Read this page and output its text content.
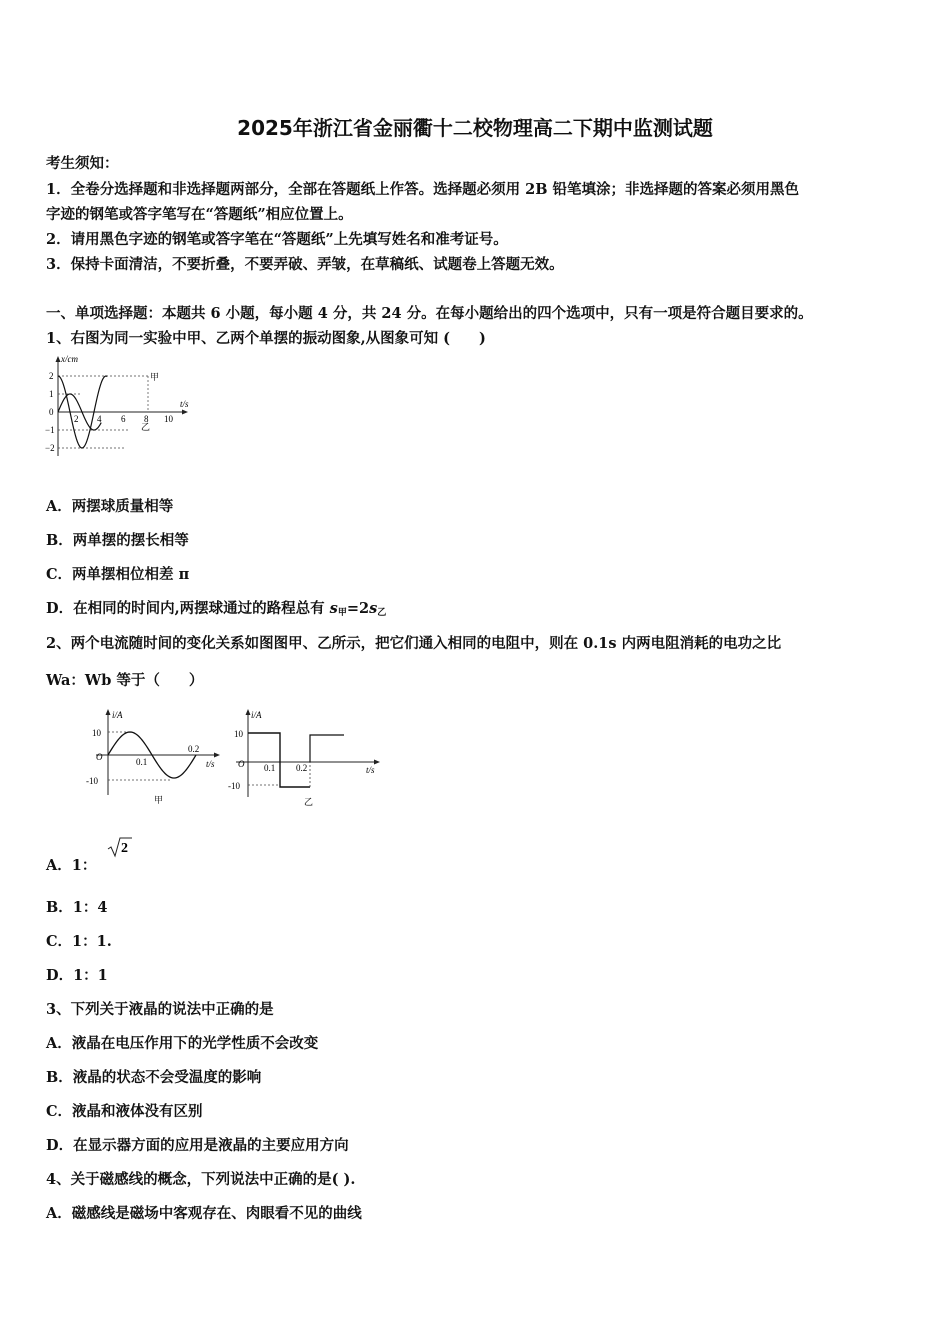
2025年浙江省金丽衢十二校物理高二下期中监测试题
考生须知：
1．全卷分选择题和非选择题两部分，全部在答题纸上作答。选择题必须用 2B 铅笔填涂；非选择题的答案必须用黑色
字迹的钢笔或答字笔写在“答题纸”相应位置上。
2．请用黑色字迹的钢笔或答字笔在“答题纸”上先填写姓名和准考证号。
3．保持卡面清洁，不要折叠，不要弄破、弄皱，在草稿纸、试题卷上答题无效。
一、单项选择题：本题共 6 小题，每小题 4 分，共 24 分。在每小题给出的四个选项中，只有一项是符合题目要求的。
1、右图为同一实验中甲、乙两个单摆的振动图象,从图象可知 (　　)
x/cm
t/s
2
1
0
−1
−2
2 4 6 8 10
甲
乙
A．两摆球质量相等
B．两单摆的摆长相等
C．两单摆相位相差 π
D．在相同的时间内,两摆球通过的路程总有 $s_甲=2s_乙$
2、两个电流随时间的变化关系如图图甲、乙所示，把它们通入相同的电阻中，则在 0.1s 内两电阻消耗的电功之比
Wa：Wb 等于（　　）
i/A
t/s
10
-10
O	0.1
0.2
甲
i/A
t/s
10
-10
O 0.1 0.2
乙
A．1：
2
B．1：4
C．1：1.
D．1：1
3、下列关于液晶的说法中正确的是
A．液晶在电压作用下的光学性质不会改变
B．液晶的状态不会受温度的影响
C．液晶和液体没有区别
D．在显示器方面的应用是液晶的主要应用方向
4、关于磁感线的概念，下列说法中正确的是( ).
A．磁感线是磁场中客观存在、肉眼看不见的曲线
